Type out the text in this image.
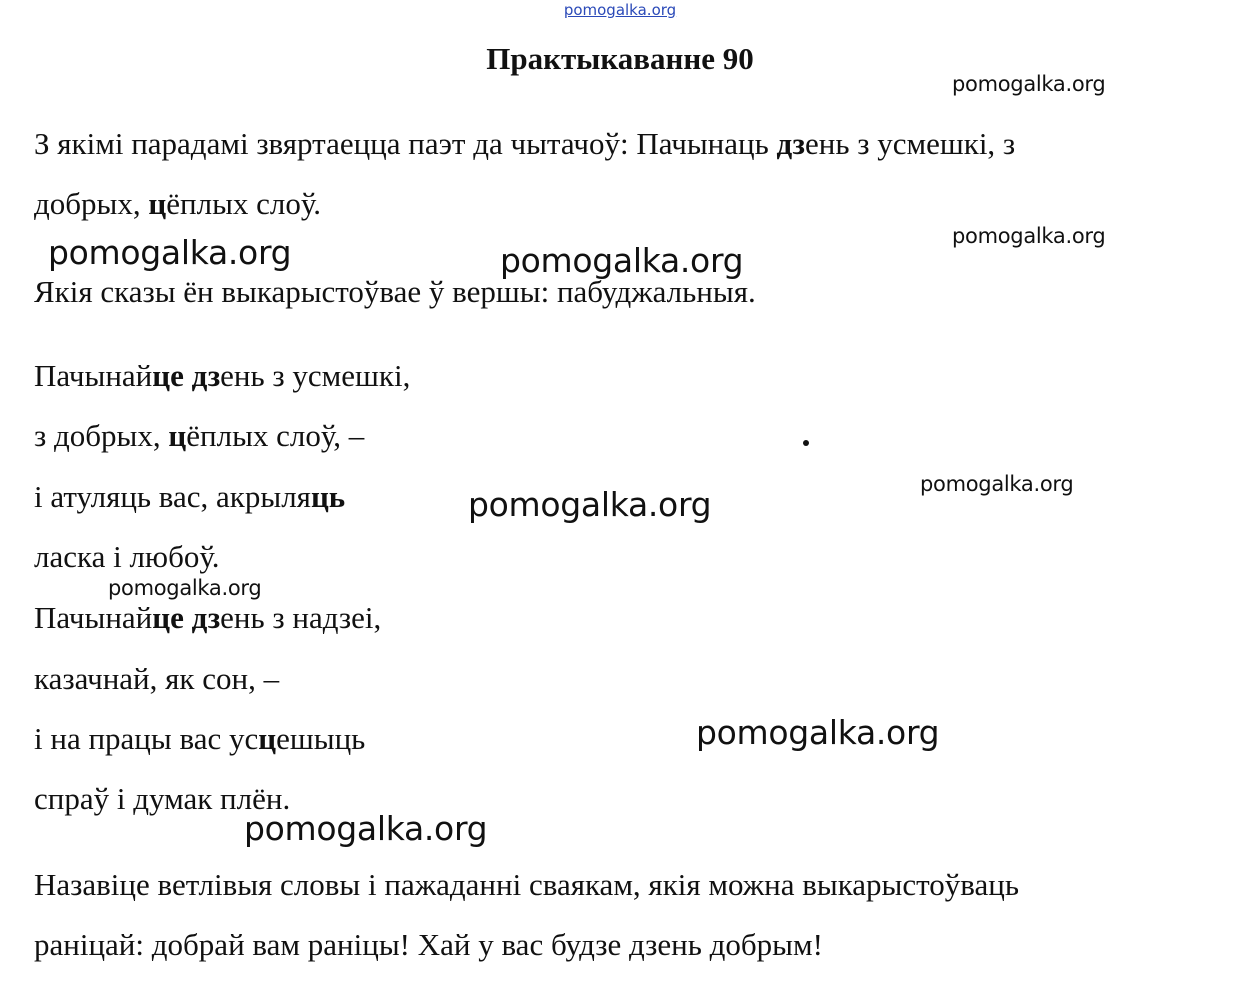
pomogalka.org
Практыкаванне 90
З якімі парадамі звяртаецца паэт да чытачоў: Пачынаць дзень з усмешкі, з
добрых, цёплых слоў.
Якія сказы ён выкарыстоўвае ў вершы: пабуджальныя.
Пачынайце дзень з усмешкі,
з добрых, цёплых слоў, –
і атуляць вас, акрыляць
ласка і любоў.
Пачынайце дзень з надзеі,
казачнай, як сон, –
і на працы вас усцешыць
спраў і думак плён.
Назавіце ветлівыя словы і пажаданні сваякам, якія можна выкарыстоўваць
раніцай: добрай вам раніцы! Хай у вас будзе дзень добрым!
pomogalka.org
pomogalka.org
pomogalka.org	pomogalka.org
pomogalka.org
pomogalka.org
pomogalka.org
pomogalka.org
pomogalka.org
